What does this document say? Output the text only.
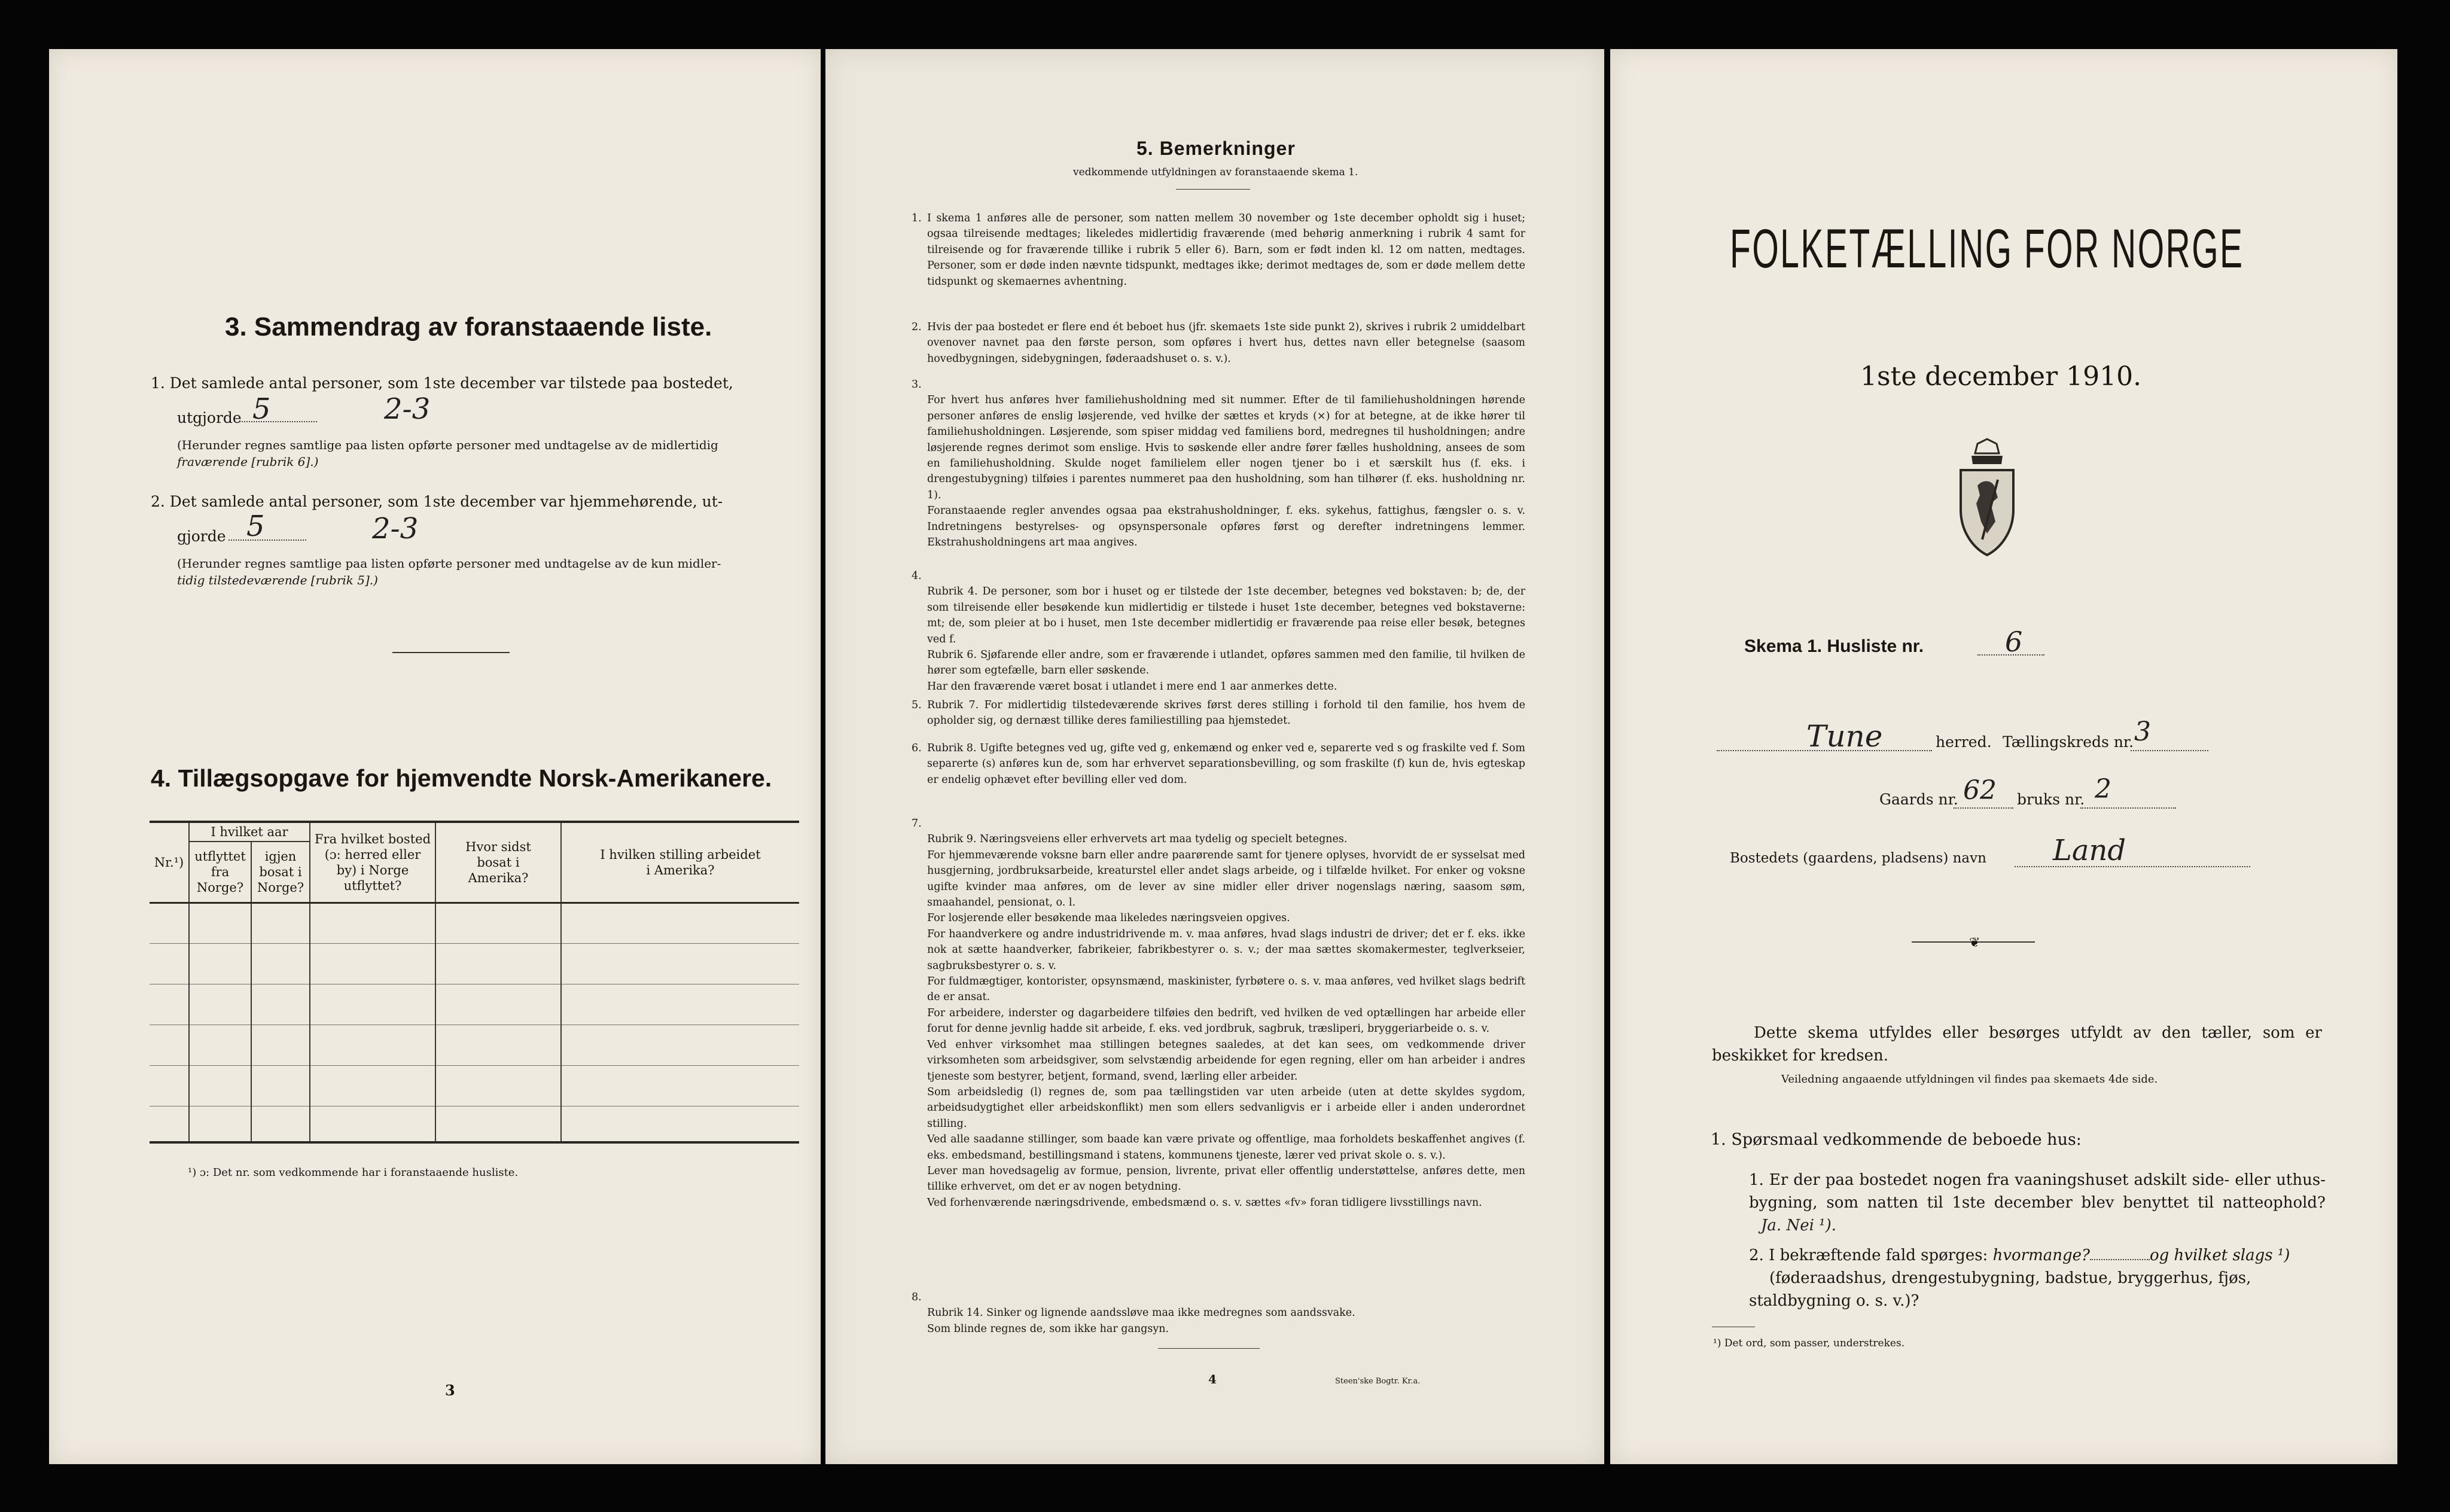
3. Sammendrag av foranstaaende liste.
1. Det samlede antal personer, som 1ste december var tilstede paa bostedet,
utgjorde 5	2-3
(Herunder regnes samtlige paa listen opførte personer med undtagelse av de midlertidig
fraværende [rubrik 6].)
2. Det samlede antal personer, som 1ste december var hjemmehørende, ut-
gjorde 5	2-3
(Herunder regnes samtlige paa listen opførte personer med undtagelse av de kun midler-
tidig tilstedeværende [rubrik 5].)
4. Tillægsopgave for hjemvendte Norsk-Amerikanere.
Nr.¹)	I hvilket aar		Fra hvilket bosted (ɔ: herred eller by) i Norge utflyttet?	Hvor sidst bosat i Amerika?	I hvilken stilling arbeidet i Amerika?
	utflyttet fra Norge?	igjen bosat i Norge?			

¹) ɔ: Det nr. som vedkommende har i foranstaaende husliste.
3
5. Bemerkninger
vedkommende utfyldningen av foranstaaende skema 1.
1. I skema 1 anføres alle de personer, som natten mellem 30 november og 1ste december opholdt sig i huset; ogsaa tilreisende medtages; likeledes midlertidig fraværende (med behørig anmerkning i rubrik 4 samt for tilreisende og for fraværende tillike i rubrik 5 eller 6). Barn, som er født inden kl. 12 om natten, medtages. Personer, som er døde inden nævnte tidspunkt, medtages ikke; derimot medtages de, som er døde mellem dette tidspunkt og skemaernes avhentning.
2. Hvis der paa bostedet er flere end ét beboet hus (jfr. skemaets 1ste side punkt 2), skrives i rubrik 2 umiddelbart ovenover navnet paa den første person, som opføres i hvert hus, dettes navn eller betegnelse (saasom hovedbygningen, sidebygningen, føderaadshuset o. s. v.).

3.
For hvert hus anføres hver familiehusholdning med sit nummer. Efter de til familiehusholdningen hørende personer anføres de enslig løsjerende, ved hvilke der sættes et kryds (×) for at betegne, at de ikke hører til familiehusholdningen. Løsjerende, som spiser middag ved familiens bord, medregnes til husholdningen; andre løsjerende regnes derimot som enslige. Hvis to søskende eller andre fører fælles husholdning, ansees de som en familiehusholdning. Skulde noget familielem eller nogen tjener bo i et særskilt hus (f. eks. i drengestubygning) tilføies i parentes nummeret paa den husholdning, som han tilhører (f. eks. husholdning nr. 1).
Foranstaaende regler anvendes ogsaa paa ekstrahusholdninger, f. eks. sykehus, fattighus, fængsler o. s. v. Indretningens bestyrelses- og opsynspersonale opføres først og derefter indretningens lemmer. Ekstrahusholdningens art maa angives.

4.
Rubrik 4. De personer, som bor i huset og er tilstede der 1ste december, betegnes ved bokstaven: b; de, der som tilreisende eller besøkende kun midlertidig er tilstede i huset 1ste december, betegnes ved bokstaverne: mt; de, som pleier at bo i huset, men 1ste december midlertidig er fraværende paa reise eller besøk, betegnes ved f.
Rubrik 6. Sjøfarende eller andre, som er fraværende i utlandet, opføres sammen med den familie, til hvilken de hører som egtefælle, barn eller søskende.
Har den fraværende været bosat i utlandet i mere end 1 aar anmerkes dette.

5. Rubrik 7. For midlertidig tilstedeværende skrives først deres stilling i forhold til den familie, hos hvem de opholder sig, og dernæst tillike deres familiestilling paa hjemstedet.
6. Rubrik 8. Ugifte betegnes ved ug, gifte ved g, enkemænd og enker ved e, separerte ved s og fraskilte ved f. Som separerte (s) anføres kun de, som har erhvervet separationsbevilling, og som fraskilte (f) kun de, hvis egteskap er endelig ophævet efter bevilling eller ved dom.

7.
Rubrik 9. Næringsveiens eller erhvervets art maa tydelig og specielt betegnes.
For hjemmeværende voksne barn eller andre paarørende samt for tjenere oplyses, hvorvidt de er sysselsat med husgjerning, jordbruksarbeide, kreaturstel eller andet slags arbeide, og i tilfælde hvilket. For enker og voksne ugifte kvinder maa anføres, om de lever av sine midler eller driver nogenslags næring, saasom søm, smaahandel, pensionat, o. l.
For losjerende eller besøkende maa likeledes næringsveien opgives.
For haandverkere og andre industridrivende m. v. maa anføres, hvad slags industri de driver; det er f. eks. ikke nok at sætte haandverker, fabrikeier, fabrikbestyrer o. s. v.; der maa sættes skomakermester, teglverkseier, sagbruksbestyrer o. s. v.
For fuldmægtiger, kontorister, opsynsmænd, maskinister, fyrbøtere o. s. v. maa anføres, ved hvilket slags bedrift de er ansat.
For arbeidere, inderster og dagarbeidere tilføies den bedrift, ved hvilken de ved optællingen har arbeide eller forut for denne jevnlig hadde sit arbeide, f. eks. ved jordbruk, sagbruk, træsliperi, bryggeriarbeide o. s. v.
Ved enhver virksomhet maa stillingen betegnes saaledes, at det kan sees, om vedkommende driver virksomheten som arbeidsgiver, som selvstændig arbeidende for egen regning, eller om han arbeider i andres tjeneste som bestyrer, betjent, formand, svend, lærling eller arbeider.
Som arbeidsledig (l) regnes de, som paa tællingstiden var uten arbeide (uten at dette skyldes sygdom, arbeidsudygtighet eller arbeidskonflikt) men som ellers sedvanligvis er i arbeide eller i anden underordnet stilling.
Ved alle saadanne stillinger, som baade kan være private og offentlige, maa forholdets beskaffenhet angives (f. eks. embedsmand, bestillingsmand i statens, kommunens tjeneste, lærer ved privat skole o. s. v.).
Lever man hovedsagelig av formue, pension, livrente, privat eller offentlig understøttelse, anføres dette, men tillike erhvervet, om det er av nogen betydning.
Ved forhenværende næringsdrivende, embedsmænd o. s. v. sættes «fv» foran tidligere livsstillings navn.

8.
Rubrik 14. Sinker og lignende aandssløve maa ikke medregnes som aandssvake.
Som blinde regnes de, som ikke har gangsyn.

4	Steen'ske Bogtr. Kr.a.
FOLKETÆLLING FOR NORGE
1ste december 1910.
Skema 1. Husliste nr.	6
Tune	herred. Tællingskreds nr. 3
Gaards nr. 62 bruks nr. 2
Bostedets (gaardens, pladsens) navn Land
❦
Dette skema utfyldes eller besørges utfyldt av den tæller, som er beskikket for kredsen.
Veiledning angaaende utfyldningen vil findes paa skemaets 4de side.
1. Spørsmaal vedkommende de beboede hus:
1. Er der paa bostedet nogen fra vaaningshuset adskilt side- eller uthus-bygning, som natten til 1ste december blev benyttet til natteophold? Ja. Nei ¹).
2. I bekræftende fald spørges: hvormange?	og hvilket slags ¹)
(føderaadshus, drengestubygning, badstue, bryggerhus, fjøs, staldbygning o. s. v.)?
¹) Det ord, som passer, understrekes.
